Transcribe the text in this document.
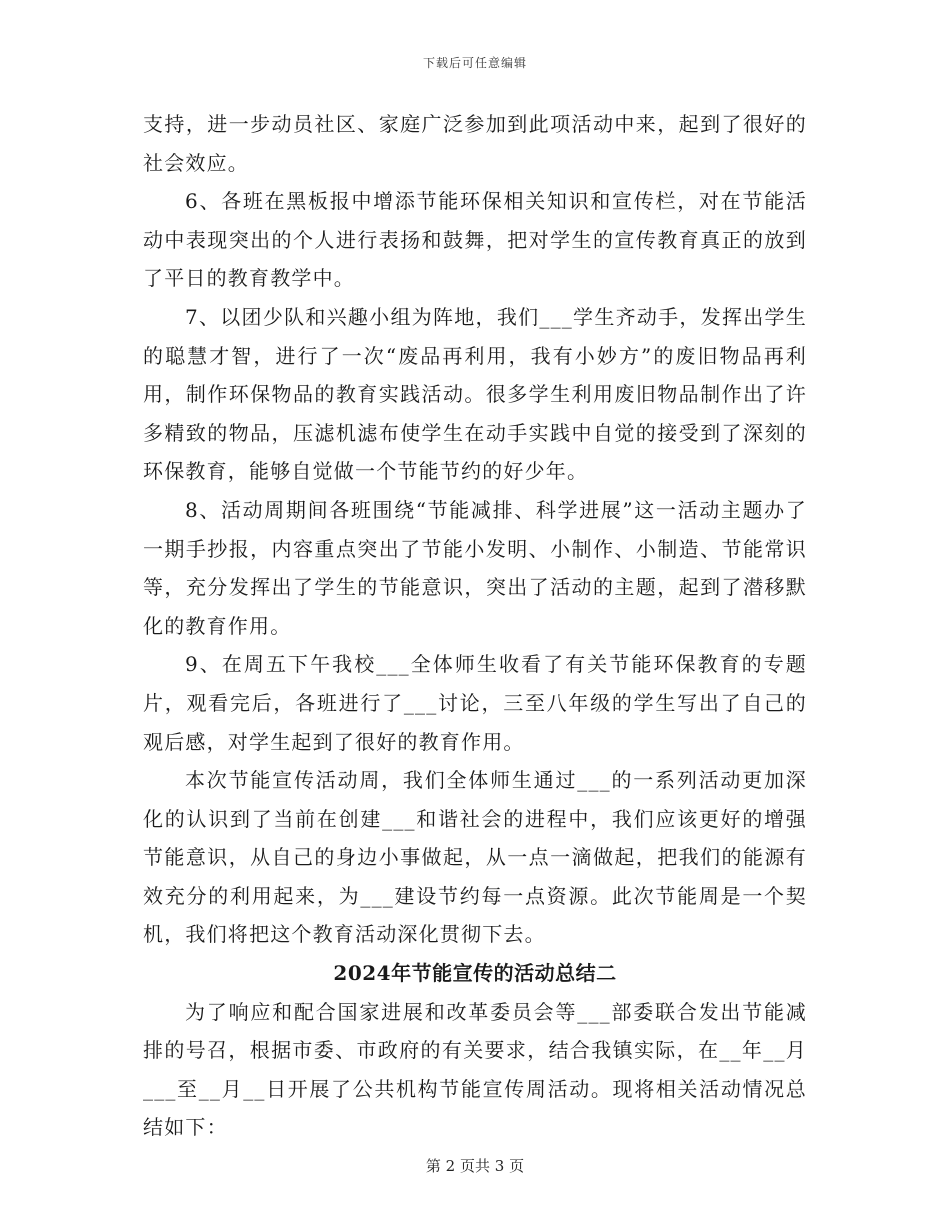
下载后可任意编辑

支持，进一步动员社区、家庭广泛参加到此项活动中来，起到了很好的社会效应。

6、各班在黑板报中增添节能环保相关知识和宣传栏，对在节能活动中表现突出的个人进行表扬和鼓舞，把对学生的宣传教育真正的放到了平日的教育教学中。

7、以团少队和兴趣小组为阵地，我们___学生齐动手，发挥出学生的聪慧才智，进行了一次“废品再利用，我有小妙方”的废旧物品再利用，制作环保物品的教育实践活动。很多学生利用废旧物品制作出了许多精致的物品，压滤机滤布使学生在动手实践中自觉的接受到了深刻的环保教育，能够自觉做一个节能节约的好少年。

8、活动周期间各班围绕“节能减排、科学进展”这一活动主题办了一期手抄报，内容重点突出了节能小发明、小制作、小制造、节能常识等，充分发挥出了学生的节能意识，突出了活动的主题，起到了潜移默化的教育作用。

9、在周五下午我校___全体师生收看了有关节能环保教育的专题片，观看完后，各班进行了___讨论，三至八年级的学生写出了自己的观后感，对学生起到了很好的教育作用。

本次节能宣传活动周，我们全体师生通过___的一系列活动更加深化的认识到了当前在创建___和谐社会的进程中，我们应该更好的增强节能意识，从自己的身边小事做起，从一点一滴做起，把我们的能源有效充分的利用起来，为___建设节约每一点资源。此次节能周是一个契机，我们将把这个教育活动深化贯彻下去。

2024年节能宣传的活动总结二

为了响应和配合国家进展和改革委员会等___部委联合发出节能减排的号召，根据市委、市政府的有关要求，结合我镇实际，在__年__月___至__月__日开展了公共机构节能宣传周活动。现将相关活动情况总结如下：

第 2 页共 3 页
